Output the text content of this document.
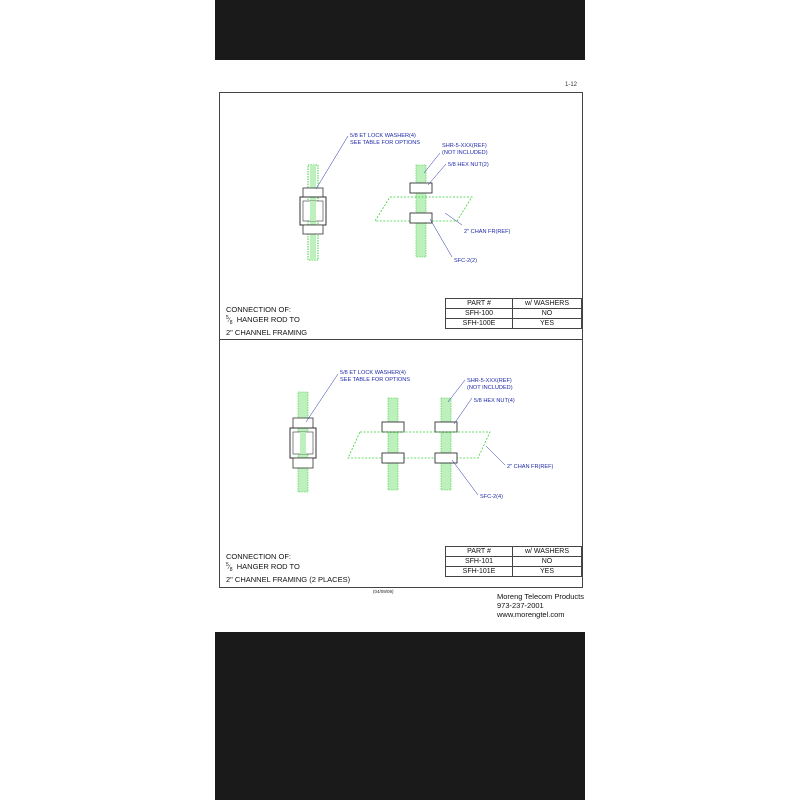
1-12
5/8 ET LOCK WASHER(4)
SEE TABLE FOR OPTIONS	SHR-5-XXX(REF)
(NOT INCLUDED)
5/8 HEX NUT(2)
2" CHAN FR(REF)
SFC-2(2)
CONNECTION OF:
$^5⁄_8$ HANGER ROD TO
2" CHANNEL FRAMING
PART #	w/ WASHERS
SFH-100	NO
SFH-100E	YES
5/8 ET LOCK WASHER(4)
SEE TABLE FOR OPTIONS	SHR-5-XXX(REF)
(NOT INCLUDED)
5/8 HEX NUT(4)
2" CHAN FR(REF)
SFC-2(4)
CONNECTION OF:
$^5⁄_8$ HANGER ROD TO
2" CHANNEL FRAMING (2 PLACES)
PART #	w/ WASHERS
SFH-101	NO
SFH-101E	YES
(04/09/09)
Moreng Telecom Products
973-237-2001
www.morengtel.com
